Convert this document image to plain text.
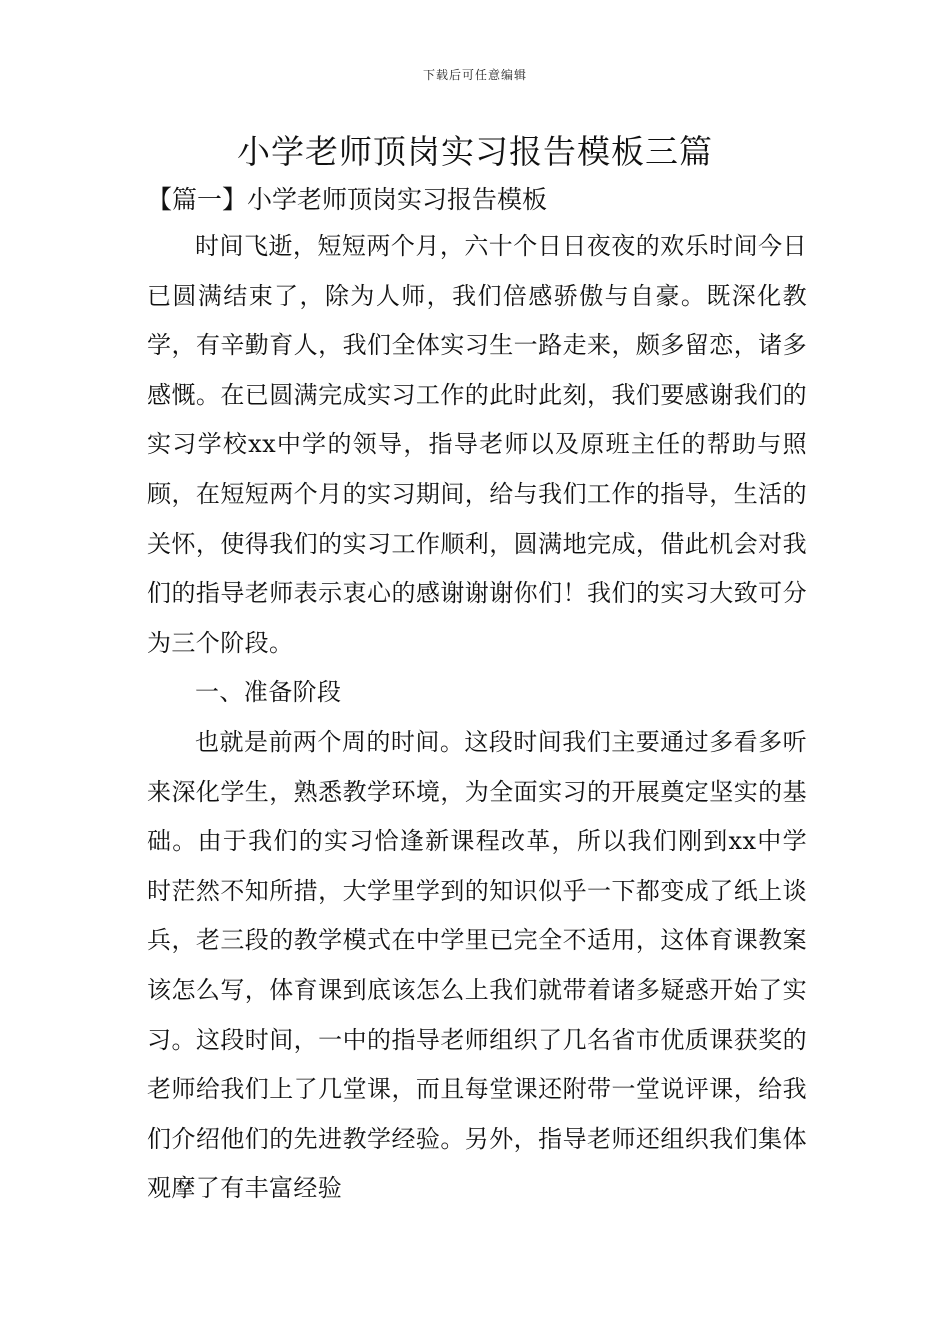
下载后可任意编辑
小学老师顶岗实习报告模板三篇
【篇一】小学老师顶岗实习报告模板

时间飞逝，短短两个月，六十个日日夜夜的欢乐时间今日已圆满结束了，除为人师，我们倍感骄傲与自豪。既深化教学，有辛勤育人，我们全体实习生一路走来，颇多留恋，诸多感慨。在已圆满完成实习工作的此时此刻，我们要感谢我们的实习学校xx中学的领导，指导老师以及原班主任的帮助与照顾，在短短两个月的实习期间，给与我们工作的指导，生活的关怀，使得我们的实习工作顺利，圆满地完成，借此机会对我们的指导老师表示衷心的感谢谢谢你们！我们的实习大致可分为三个阶段。

一、准备阶段

也就是前两个周的时间。这段时间我们主要通过多看多听来深化学生，熟悉教学环境，为全面实习的开展奠定坚实的基础。由于我们的实习恰逢新课程改革，所以我们刚到xx中学时茫然不知所措，大学里学到的知识似乎一下都变成了纸上谈兵，老三段的教学模式在中学里已完全不适用，这体育课教案该怎么写，体育课到底该怎么上我们就带着诸多疑惑开始了实习。这段时间，一中的指导老师组织了几名省市优质课获奖的老师给我们上了几堂课，而且每堂课还附带一堂说评课，给我们介绍他们的先进教学经验。另外，指导老师还组织我们集体观摩了有丰富经验
